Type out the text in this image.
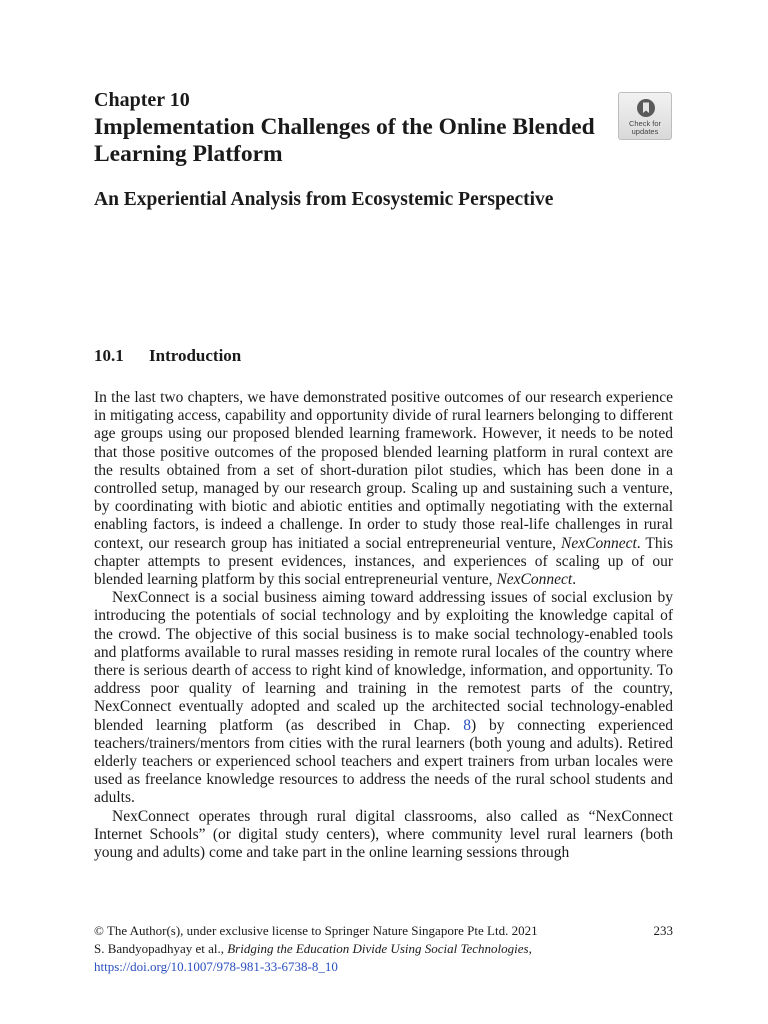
Chapter 10
Implementation Challenges of the Online Blended Learning Platform
An Experiential Analysis from Ecosystemic Perspective
Check for
updates
10.1 Introduction

In the last two chapters, we have demonstrated positive outcomes of our research experience in mitigating access, capability and opportunity divide of rural learners belonging to different age groups using our proposed blended learning framework. However, it needs to be noted that those positive outcomes of the proposed blended learning platform in rural context are the results obtained from a set of short-duration pilot studies, which has been done in a controlled setup, managed by our research group. Scaling up and sustaining such a venture, by coordinating with biotic and abiotic entities and optimally negotiating with the external enabling factors, is indeed a challenge. In order to study those real-life challenges in rural context, our research group has initiated a social entrepreneurial venture, NexConnect. This chapter attempts to present evidences, instances, and experiences of scaling up of our blended learning platform by this social entrepreneurial venture, NexConnect.

NexConnect is a social business aiming toward addressing issues of social exclusion by introducing the potentials of social technology and by exploiting the knowledge capital of the crowd. The objective of this social business is to make social technology-enabled tools and platforms available to rural masses residing in remote rural locales of the country where there is serious dearth of access to right kind of knowledge, information, and opportunity. To address poor quality of learning and training in the remotest parts of the country, NexConnect eventually adopted and scaled up the architected social technology-enabled blended learning platform (as described in Chap. 8) by connecting experienced teachers/trainers/mentors from cities with the rural learners (both young and adults). Retired elderly teachers or experienced school teachers and expert trainers from urban locales were used as freelance knowledge resources to address the needs of the rural school students and adults.

NexConnect operates through rural digital classrooms, also called as “NexConnect Internet Schools” (or digital study centers), where community level rural learners (both young and adults) come and take part in the online learning sessions through

© The Author(s), under exclusive license to Springer Nature Singapore Pte Ltd. 2021
S. Bandyopadhyay et al., Bridging the Education Divide Using Social Technologies,
https://doi.org/10.1007/978-981-33-6738-8_10
233
